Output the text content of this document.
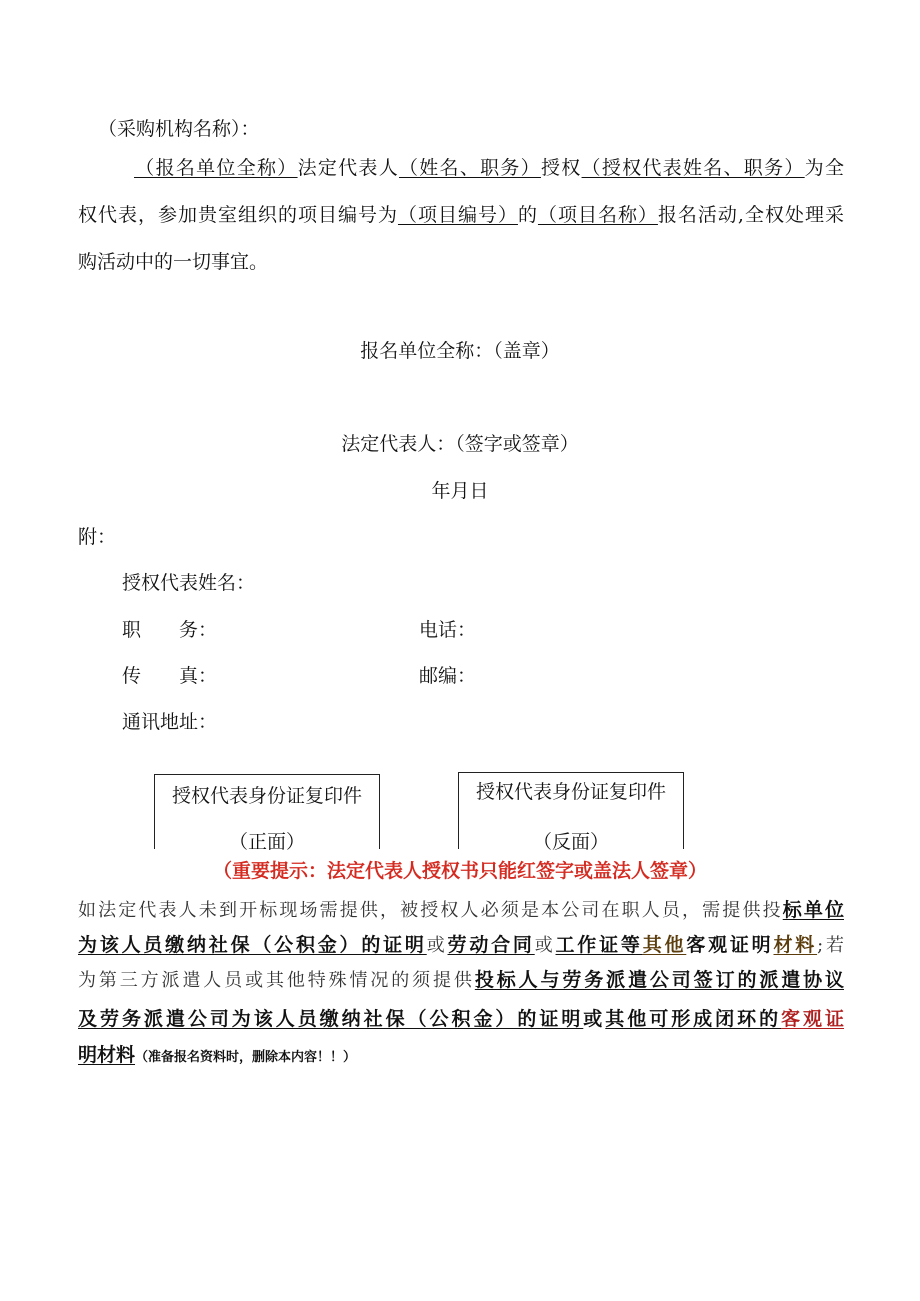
（采购机构名称）：
（报名单位全称）法定代表人（姓名、职务）授权（授权代表姓名、职务）为全
权代表，参加贵室组织的项目编号为（项目编号）的（项目名称）报名活动,全权处理采
购活动中的一切事宜。
报名单位全称：（盖章）
法定代表人：（签字或签章）
年月日
附：
授权代表姓名：
职　　务：	电话：
传　　真：	邮编：
通讯地址：
授权代表身份证复印件
（正面）
授权代表身份证复印件
（反面）
（重要提示：法定代表人授权书只能红签字或盖法人签章）
如法定代表人未到开标现场需提供，被授权人必须是本公司在职人员，需提供投标单位
为该人员缴纳社保（公积金）的证明或劳动合同或工作证等其他客观证明材料;若
为第三方派遣人员或其他特殊情况的须提供投标人与劳务派遣公司签订的派遣协议
及劳务派遣公司为该人员缴纳社保（公积金）的证明或其他可形成闭环的客观证
明材料（准备报名资料时，删除本内容！！）
